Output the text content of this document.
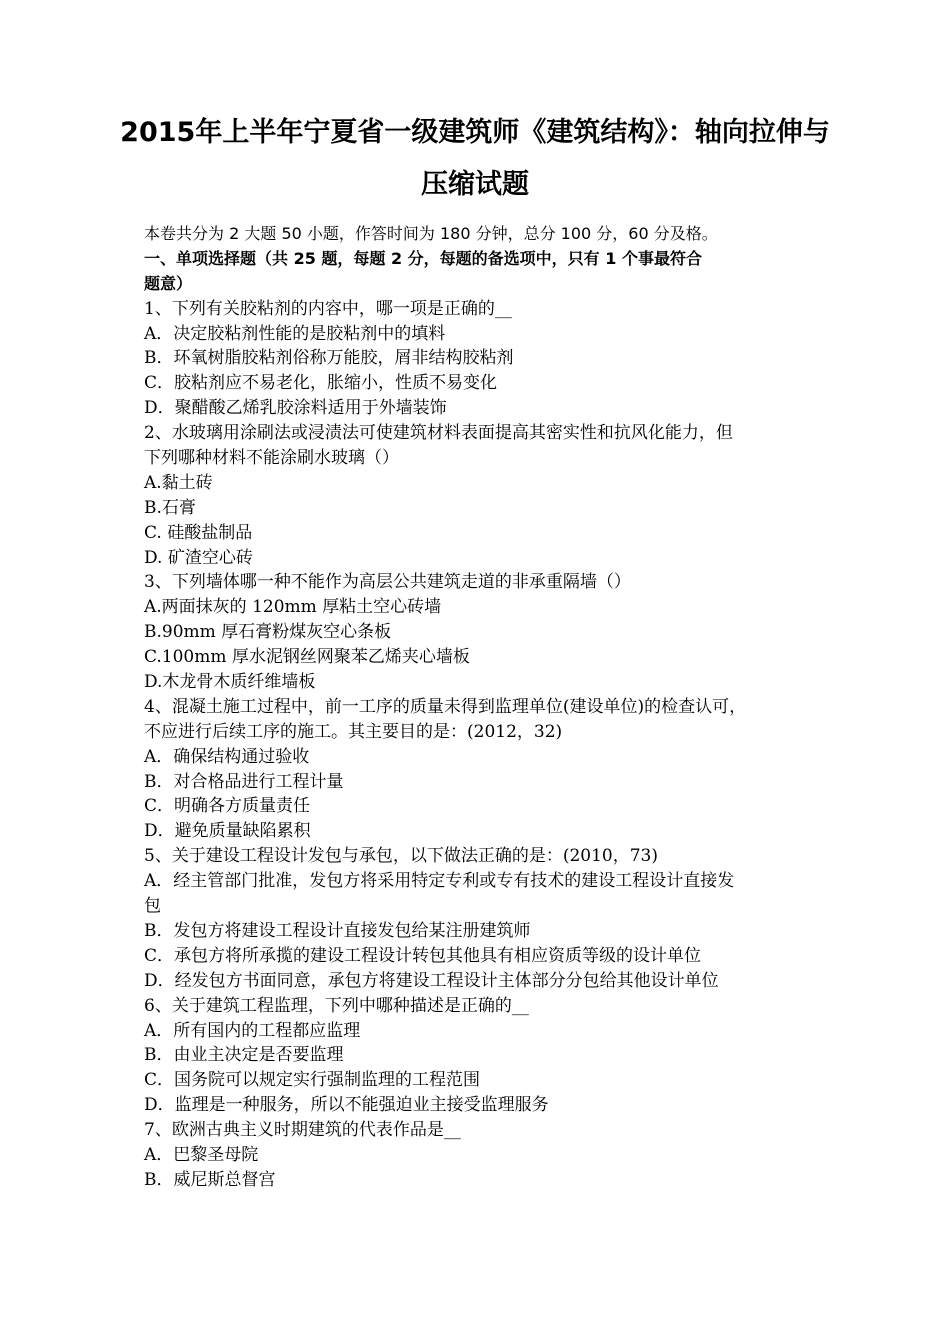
2015年上半年宁夏省一级建筑师《建筑结构》：轴向拉伸与
压缩试题
本卷共分为 2 大题 50 小题，作答时间为 180 分钟，总分 100 分，60 分及格。
一、单项选择题（共 25 题，每题 2 分，每题的备选项中，只有 1 个事最符合
题意）
1、下列有关胶粘剂的内容中，哪一项是正确的__
A．决定胶粘剂性能的是胶粘剂中的填料
B．环氧树脂胶粘剂俗称万能胶，屑非结构胶粘剂
C．胶粘剂应不易老化，胀缩小，性质不易变化
D．聚醋酸乙烯乳胶涂料适用于外墙装饰
2、水玻璃用涂刷法或浸渍法可使建筑材料表面提高其密实性和抗风化能力，但
下列哪种材料不能涂刷水玻璃（）
A.黏土砖
B.石膏
C. 硅酸盐制品
D. 矿渣空心砖
3、下列墙体哪一种不能作为高层公共建筑走道的非承重隔墙（）
A.两面抹灰的 120mm 厚粘土空心砖墙
B.90mm 厚石膏粉煤灰空心条板
C.100mm 厚水泥钢丝网聚苯乙烯夹心墙板
D.木龙骨木质纤维墙板
4、混凝土施工过程中，前一工序的质量未得到监理单位(建设单位)的检查认可，
不应进行后续工序的施工。其主要目的是：(2012，32)
A．确保结构通过验收
B．对合格品进行工程计量
C．明确各方质量责任
D．避免质量缺陷累积
5、关于建设工程设计发包与承包，以下做法正确的是：(2010，73)
A．经主管部门批准，发包方将采用特定专利或专有技术的建设工程设计直接发
包
B．发包方将建设工程设计直接发包给某注册建筑师
C．承包方将所承揽的建设工程设计转包其他具有相应资质等级的设计单位
D．经发包方书面同意，承包方将建设工程设计主体部分分包给其他设计单位
6、关于建筑工程监理，下列中哪种描述是正确的__
A．所有国内的工程都应监理
B．由业主决定是否要监理
C．国务院可以规定实行强制监理的工程范围
D．监理是一种服务，所以不能强迫业主接受监理服务
7、欧洲古典主义时期建筑的代表作品是__
A．巴黎圣母院
B．威尼斯总督宫
